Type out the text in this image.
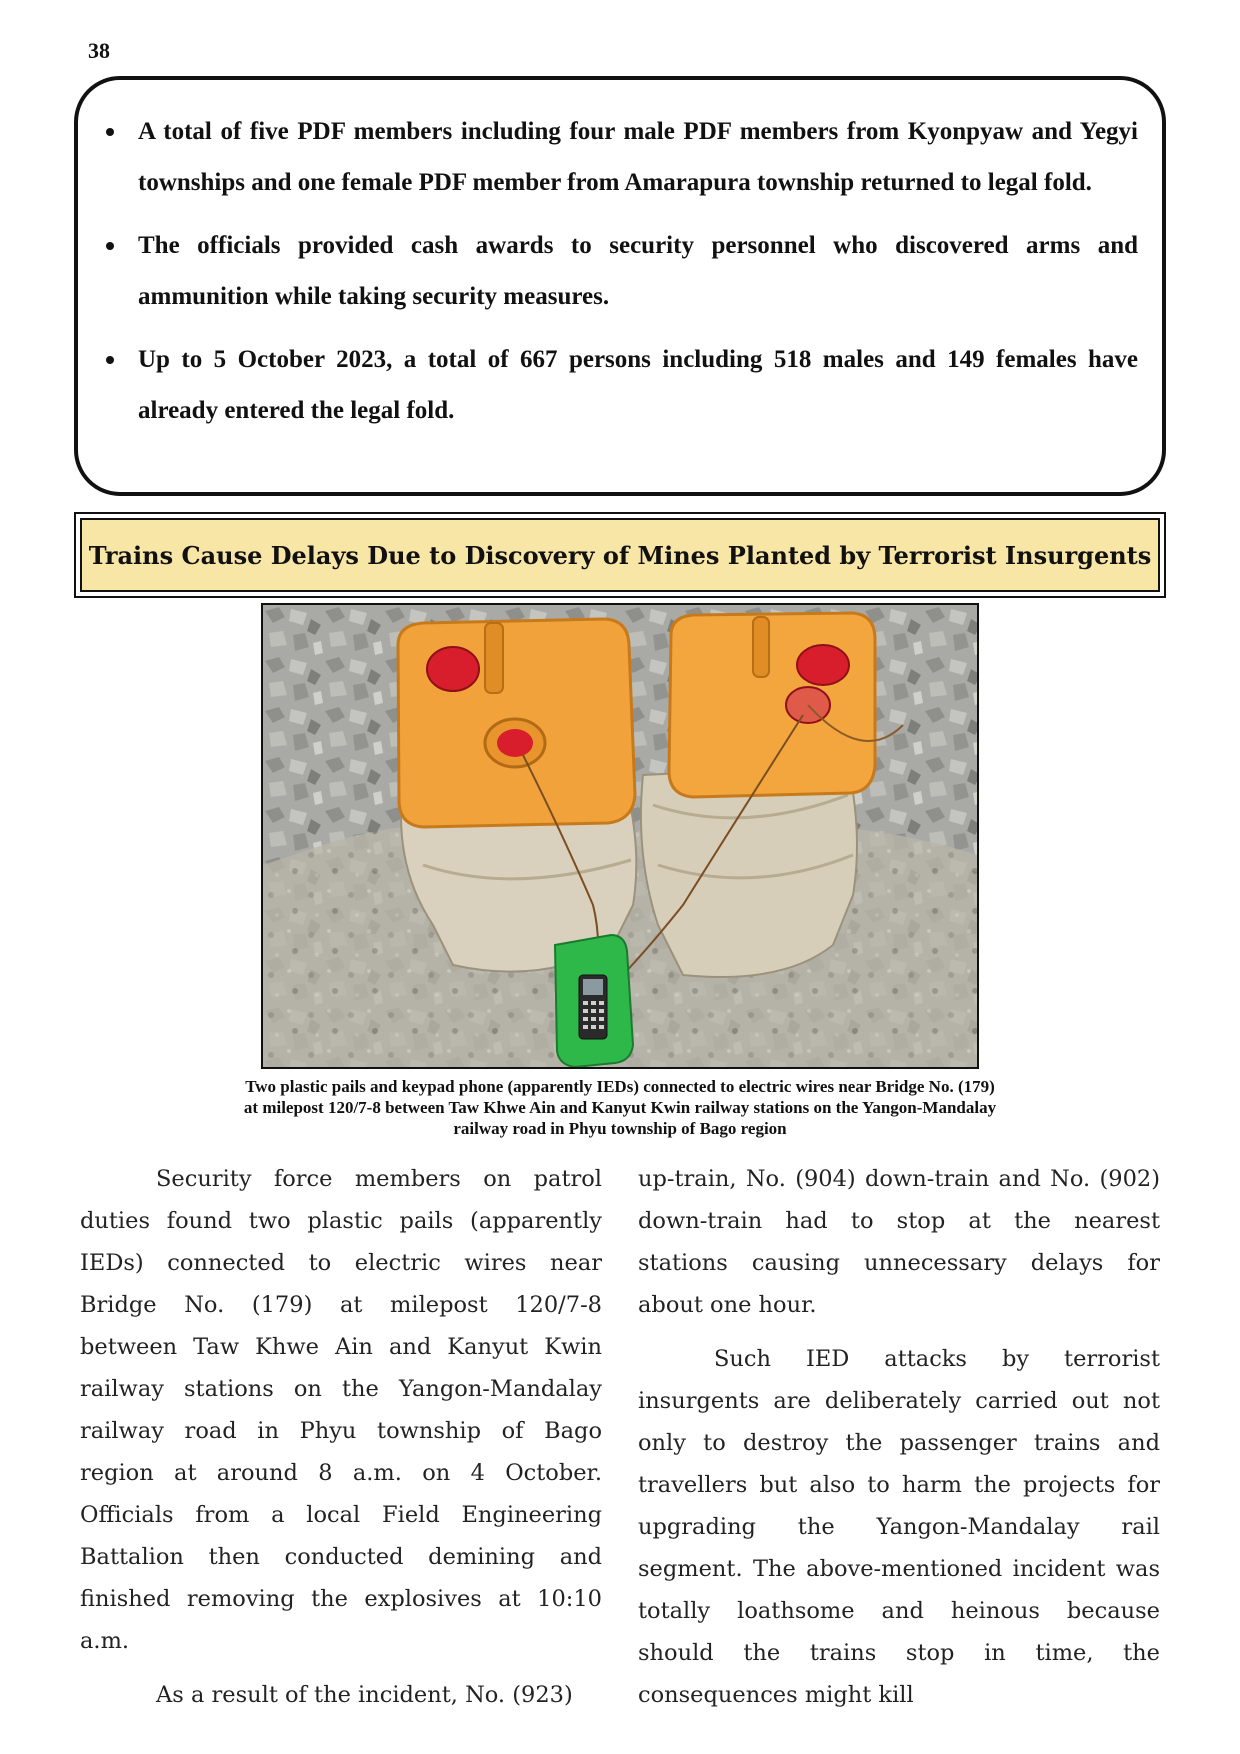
38
A total of five PDF members including four male PDF members from Kyonpyaw and Yegyi townships and one female PDF member from Amarapura township returned to legal fold.
The officials provided cash awards to security personnel who discovered arms and ammunition while taking security measures.
Up to 5 October 2023, a total of 667 persons including 518 males and 149 females have already entered the legal fold.
Trains Cause Delays Due to Discovery of Mines Planted by Terrorist Insurgents
Two plastic pails and keypad phone (apparently IEDs) connected to electric wires near Bridge No. (179)
at milepost 120/7-8 between Taw Khwe Ain and Kanyut Kwin railway stations on the Yangon-Mandalay
railway road in Phyu township of Bago region

Security force members on patrol duties found two plastic pails (apparently IEDs) connected to electric wires near Bridge No. (179) at milepost 120/7-8 between Taw Khwe Ain and Kanyut Kwin railway stations on the Yangon-Mandalay railway road in Phyu township of Bago region at around 8 a.m. on 4 October. Officials from a local Field Engineering Battalion then conducted demining and finished removing the explosives at 10:10 a.m.

As a result of the incident, No. (923)

up-train, No. (904) down-train and No. (902) down-train had to stop at the nearest stations causing unnecessary delays for about one hour.

Such IED attacks by terrorist insurgents are deliberately carried out not only to destroy the passenger trains and travellers but also to harm the projects for upgrading the Yangon-Mandalay rail segment. The above-mentioned incident was totally loathsome and heinous because should the trains stop in time, the consequences might kill
